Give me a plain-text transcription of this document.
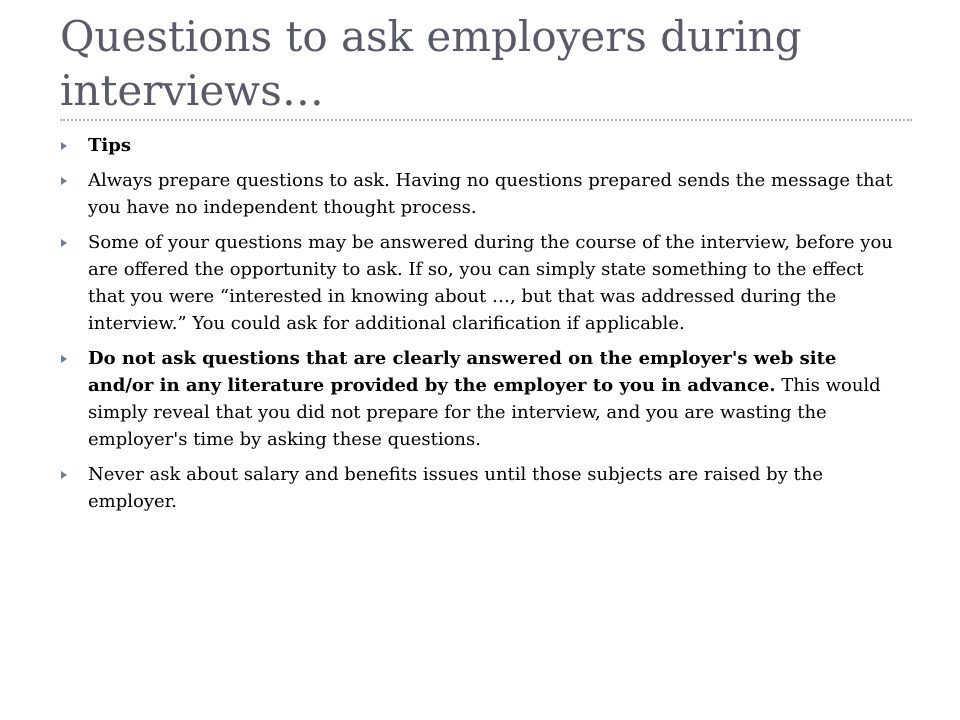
Questions to ask employers during interviews…
Tips
Always prepare questions to ask. Having no questions prepared sends the message that you have no independent thought process.
Some of your questions may be answered during the course of the interview, before you are offered the opportunity to ask. If so, you can simply state something to the effect that you were “interested in knowing about …, but that was addressed during the interview.” You could ask for additional clarification if applicable.
Do not ask questions that are clearly answered on the employer's web site and/or in any literature provided by the employer to you in advance. This would simply reveal that you did not prepare for the interview, and you are wasting the employer's time by asking these questions.
Never ask about salary and benefits issues until those subjects are raised by the employer.
